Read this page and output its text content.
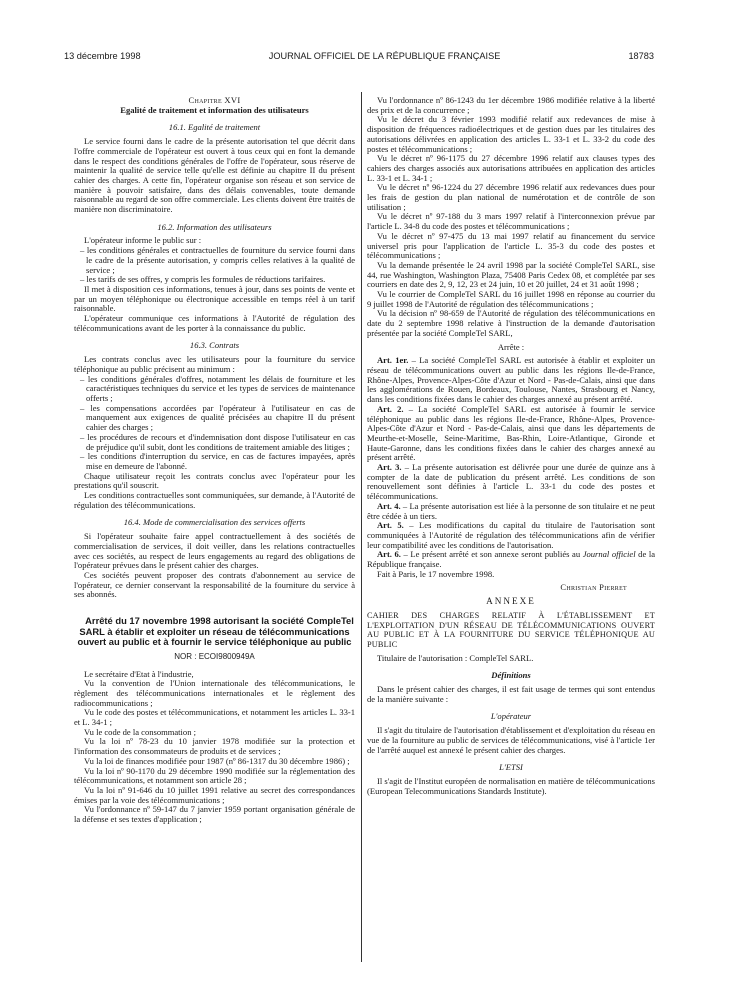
13 décembre 1998	JOURNAL OFFICIEL DE LA RÉPUBLIQUE FRANÇAISE	18783

Chapitre XVI

Egalité de traitement et information des utilisateurs

16.1. Egalité de traitement

Le service fourni dans le cadre de la présente autorisation tel que décrit dans l'offre commerciale de l'opérateur est ouvert à tous ceux qui en font la demande dans le respect des conditions générales de l'offre de l'opérateur, sous réserve de maintenir la qualité de service telle qu'elle est définie au chapitre II du présent cahier des charges. A cette fin, l'opérateur organise son réseau et son service de manière à pouvoir satisfaire, dans des délais convenables, toute demande raisonnable au regard de son offre commerciale. Les clients doivent être traités de manière non discriminatoire.

16.2. Information des utilisateurs

L'opérateur informe le public sur :

– les conditions générales et contractuelles de fourniture du service fourni dans le cadre de la présente autorisation, y compris celles relatives à la qualité de service ;
– les tarifs de ses offres, y compris les formules de réductions tarifaires.

Il met à disposition ces informations, tenues à jour, dans ses points de vente et par un moyen téléphonique ou électronique accessible en temps réel à un tarif raisonnable.

L'opérateur communique ces informations à l'Autorité de régulation des télécommunications avant de les porter à la connaissance du public.

16.3. Contrats

Les contrats conclus avec les utilisateurs pour la fourniture du service téléphonique au public précisent au minimum :

– les conditions générales d'offres, notamment les délais de fourniture et les caractéristiques techniques du service et les types de services de maintenance offerts ;
– les compensations accordées par l'opérateur à l'utilisateur en cas de manquement aux exigences de qualité précisées au chapitre II du présent cahier des charges ;
– les procédures de recours et d'indemnisation dont dispose l'utilisateur en cas de préjudice qu'il subit, dont les conditions de traitement amiable des litiges ;
– les conditions d'interruption du service, en cas de factures impayées, après mise en demeure de l'abonné.

Chaque utilisateur reçoit les contrats conclus avec l'opérateur pour les prestations qu'il souscrit.

Les conditions contractuelles sont communiquées, sur demande, à l'Autorité de régulation des télécommunications.

16.4. Mode de commercialisation des services offerts

Si l'opérateur souhaite faire appel contractuellement à des sociétés de commercialisation de services, il doit veiller, dans les relations contractuelles avec ces sociétés, au respect de leurs engagements au regard des obligations de l'opérateur prévues dans le présent cahier des charges.

Ces sociétés peuvent proposer des contrats d'abonnement au service de l'opérateur, ce dernier conservant la responsabilité de la fourniture du service à ses abonnés.

Arrêté du 17 novembre 1998 autorisant la société CompleTel SARL à établir et exploiter un réseau de télécommunications ouvert au public et à fournir le service téléphonique au public

NOR : ECOI9800949A

Le secrétaire d'Etat à l'industrie,

Vu la convention de l'Union internationale des télécommunications, le règlement des télécommunications internationales et le règlement des radiocommunications ;

Vu le code des postes et télécommunications, et notamment les articles L. 33-1 et L. 34-1 ;

Vu le code de la consommation ;

Vu la loi nº 78-23 du 10 janvier 1978 modifiée sur la protection et l'information des consommateurs de produits et de services ;

Vu la loi de finances modifiée pour 1987 (nº 86-1317 du 30 décembre 1986) ;

Vu la loi nº 90-1170 du 29 décembre 1990 modifiée sur la réglementation des télécommunications, et notamment son article 28 ;

Vu la loi nº 91-646 du 10 juillet 1991 relative au secret des correspondances émises par la voie des télécommunications ;

Vu l'ordonnance nº 59-147 du 7 janvier 1959 portant organisation générale de la défense et ses textes d'application ;

Vu l'ordonnance nº 86-1243 du 1er décembre 1986 modifiée relative à la liberté des prix et de la concurrence ;

Vu le décret du 3 février 1993 modifié relatif aux redevances de mise à disposition de fréquences radioélectriques et de gestion dues par les titulaires des autorisations délivrées en application des articles L. 33-1 et L. 33-2 du code des postes et télécommunications ;

Vu le décret nº 96-1175 du 27 décembre 1996 relatif aux clauses types des cahiers des charges associés aux autorisations attribuées en application des articles L. 33-1 et L. 34-1 ;

Vu le décret nº 96-1224 du 27 décembre 1996 relatif aux redevances dues pour les frais de gestion du plan national de numérotation et de contrôle de son utilisation ;

Vu le décret nº 97-188 du 3 mars 1997 relatif à l'interconnexion prévue par l'article L. 34-8 du code des postes et télécommunications ;

Vu le décret nº 97-475 du 13 mai 1997 relatif au financement du service universel pris pour l'application de l'article L. 35-3 du code des postes et télécommunications ;

Vu la demande présentée le 24 avril 1998 par la société CompleTel SARL, sise 44, rue Washington, Washington Plaza, 75408 Paris Cedex 08, et complétée par ses courriers en date des 2, 9, 12, 23 et 24 juin, 10 et 20 juillet, 24 et 31 août 1998 ;

Vu le courrier de CompleTel SARL du 16 juillet 1998 en réponse au courrier du 9 juillet 1998 de l'Autorité de régulation des télécommunications ;

Vu la décision nº 98-659 de l'Autorité de régulation des télécommunications en date du 2 septembre 1998 relative à l'instruction de la demande d'autorisation présentée par la société CompleTel SARL,

Arrête :

Art. 1er. – La société CompleTel SARL est autorisée à établir et exploiter un réseau de télécommunications ouvert au public dans les régions Ile-de-France, Rhône-Alpes, Provence-Alpes-Côte d'Azur et Nord - Pas-de-Calais, ainsi que dans les agglomérations de Rouen, Bordeaux, Toulouse, Nantes, Strasbourg et Nancy, dans les conditions fixées dans le cahier des charges annexé au présent arrêté.

Art. 2. – La société CompleTel SARL est autorisée à fournir le service téléphonique au public dans les régions Ile-de-France, Rhône-Alpes, Provence-Alpes-Côte d'Azur et Nord - Pas-de-Calais, ainsi que dans les départements de Meurthe-et-Moselle, Seine-Maritime, Bas-Rhin, Loire-Atlantique, Gironde et Haute-Garonne, dans les conditions fixées dans le cahier des charges annexé au présent arrêté.

Art. 3. – La présente autorisation est délivrée pour une durée de quinze ans à compter de la date de publication du présent arrêté. Les conditions de son renouvellement sont définies à l'article L. 33-1 du code des postes et télécommunications.

Art. 4. – La présente autorisation est liée à la personne de son titulaire et ne peut être cédée à un tiers.

Art. 5. – Les modifications du capital du titulaire de l'autorisation sont communiquées à l'Autorité de régulation des télécommunications afin de vérifier leur compatibilité avec les conditions de l'autorisation.

Art. 6. – Le présent arrêté et son annexe seront publiés au Journal officiel de la République française.

Fait à Paris, le 17 novembre 1998.

Christian Pierret

ANNEXE

CAHIER DES CHARGES RELATIF À L'ÉTABLISSEMENT ET L'EXPLOITATION D'UN RÉSEAU DE TÉLÉCOMMUNICATIONS OUVERT AU PUBLIC ET À LA FOURNITURE DU SERVICE TÉLÉPHONIQUE AU PUBLIC

Titulaire de l'autorisation : CompleTel SARL.

Définitions

Dans le présent cahier des charges, il est fait usage de termes qui sont entendus de la manière suivante :

L'opérateur

Il s'agit du titulaire de l'autorisation d'établissement et d'exploitation du réseau en vue de la fourniture au public de services de télécommunications, visé à l'article 1er de l'arrêté auquel est annexé le présent cahier des charges.

L'ETSI

Il s'agit de l'Institut européen de normalisation en matière de télécommunications (European Telecommunications Standards Institute).
